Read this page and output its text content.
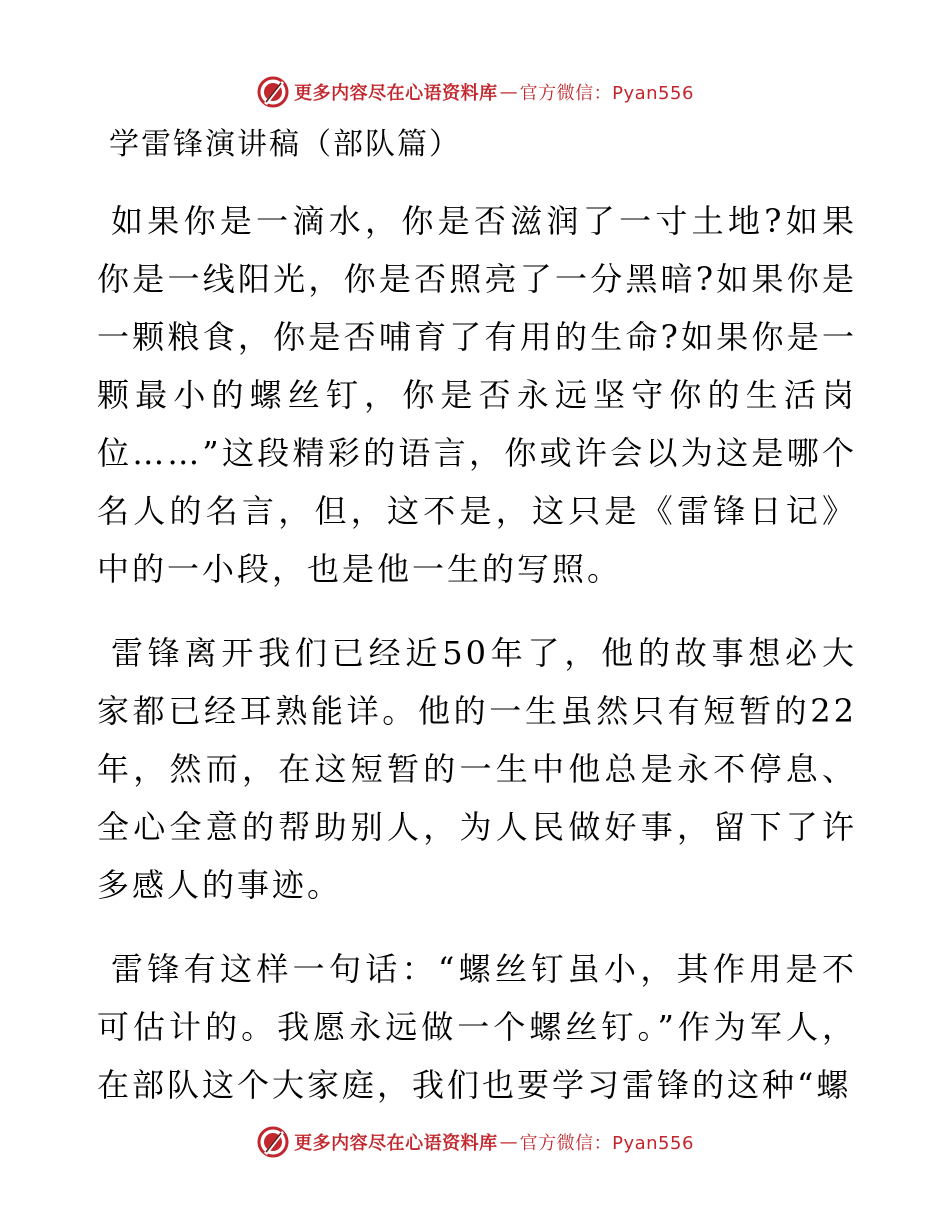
更多内容尽在心语资料库 — 官方微信：Pyan556
学雷锋演讲稿（部队篇）

如果你是一滴水，你是否滋润了一寸土地?如果你是一线阳光，你是否照亮了一分黑暗?如果你是一颗粮食，你是否哺育了有用的生命?如果你是一颗最小的螺丝钉，你是否永远坚守你的生活岗位……”这段精彩的语言，你或许会以为这是哪个名人的名言，但，这不是，这只是《雷锋日记》中的一小段，也是他一生的写照。

雷锋离开我们已经近50年了，他的故事想必大家都已经耳熟能详。他的一生虽然只有短暂的22年，然而，在这短暂的一生中他总是永不停息、全心全意的帮助别人，为人民做好事，留下了许多感人的事迹。

雷锋有这样一句话：“螺丝钉虽小，其作用是不可估计的。我愿永远做一个螺丝钉。”作为军人，在部队这个大家庭，我们也要学习雷锋的这种“螺

更多内容尽在心语资料库 — 官方微信：Pyan556
